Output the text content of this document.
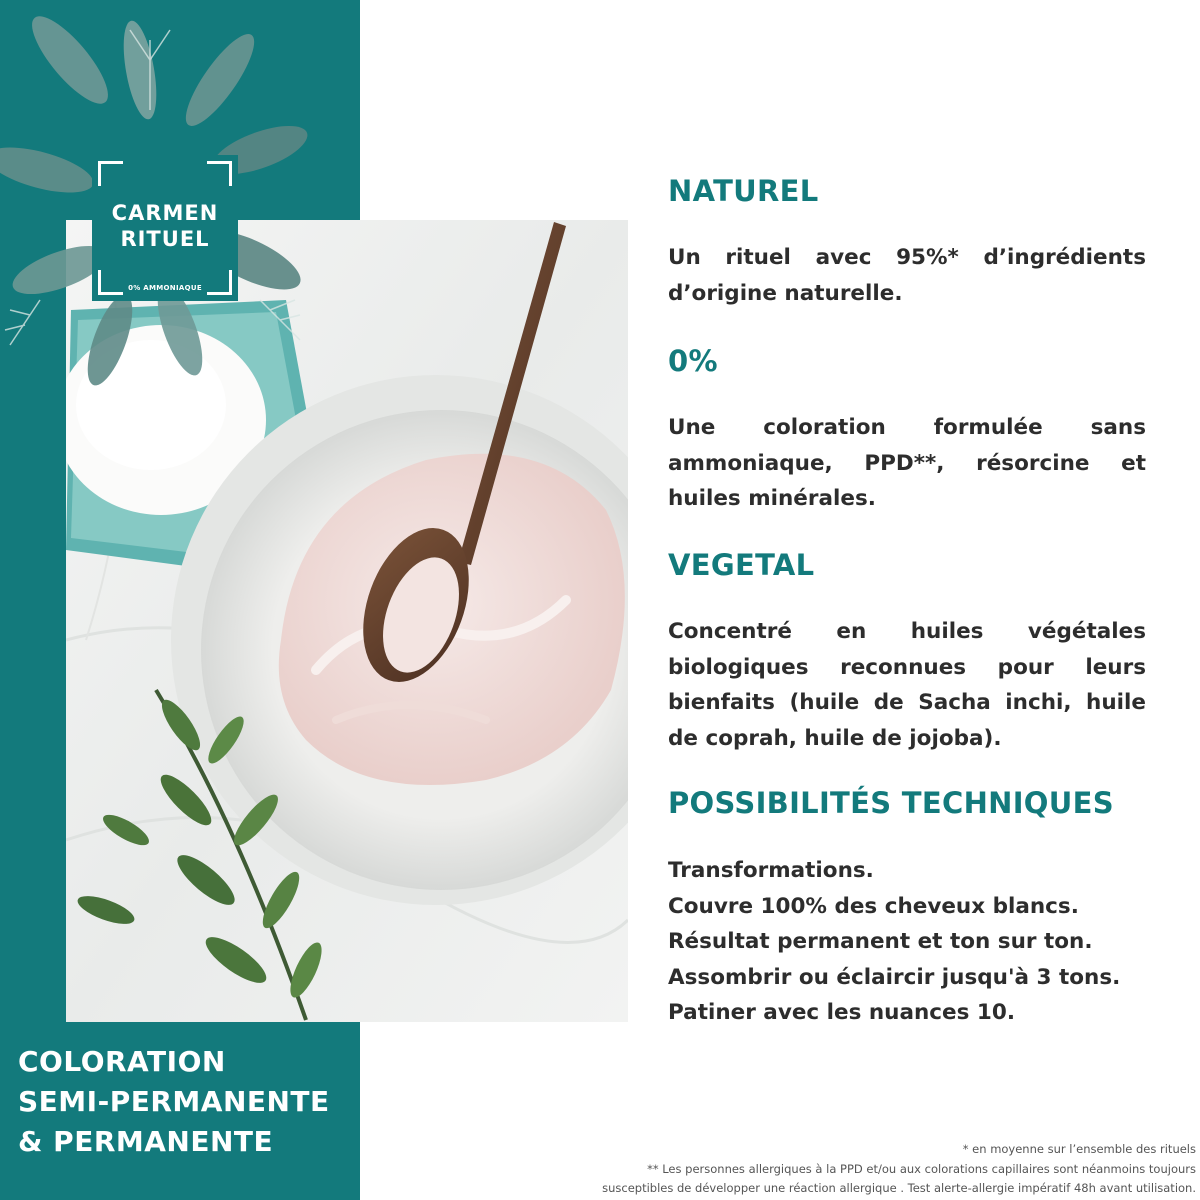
CARMEN
RITUEL
0% AMMONIAQUE
COLORATION
SEMI-PERMANENTE
& PERMANENTE
NATUREL
Un rituel avec 95%* d’ingrédients d’origine naturelle.
0%
Une coloration formulée sans ammoniaque, PPD**, résorcine et huiles minérales.
VEGETAL
Concentré en huiles végétales biologiques reconnues pour leurs bienfaits (huile de Sacha inchi, huile de coprah, huile de jojoba).
POSSIBILITÉS TECHNIQUES
Transformations.
Couvre 100% des cheveux blancs.
Résultat permanent et ton sur ton.
Assombrir ou éclaircir jusqu'à 3 tons.
Patiner avec les nuances 10.
* en moyenne sur l’ensemble des rituels
** Les personnes allergiques à la PPD et/ou aux colorations capillaires sont néanmoins toujours
susceptibles de développer une réaction allergique . Test alerte-allergie impératif 48h avant utilisation.
